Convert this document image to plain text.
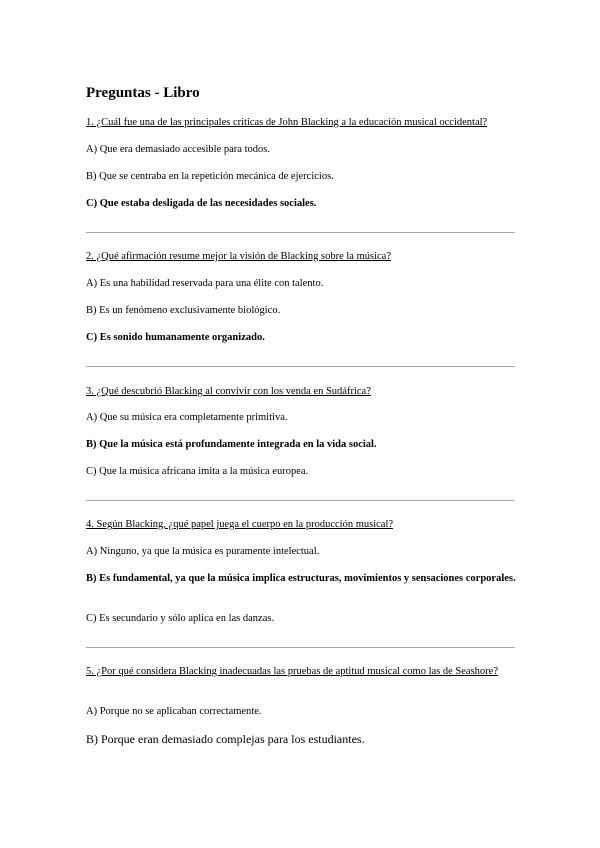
Preguntas - Libro

1. ¿Cuál fue una de las principales críticas de John Blacking a la educación musical occidental?

A) Que era demasiado accesible para todos.

B) Que se centraba en la repetición mecánica de ejercicios.

C) Que estaba desligada de las necesidades sociales.

2. ¿Qué afirmación resume mejor la visión de Blacking sobre la música?

A) Es una habilidad reservada para una élite con talento.

B) Es un fenómeno exclusivamente biológico.

C) Es sonido humanamente organizado.

3. ¿Qué descubrió Blacking al convivir con los venda en Sudáfrica?

A) Que su música era completamente primitiva.

B) Que la música está profundamente integrada en la vida social.

C) Que la música africana imita a la música europea.

4. Según Blacking, ¿qué papel juega el cuerpo en la producción musical?

A) Ninguno, ya que la música es puramente intelectual.

B) Es fundamental, ya que la música implica estructuras, movimientos y sensaciones corporales.

C) Es secundario y sólo aplica en las danzas.

5. ¿Por qué considera Blacking inadecuadas las pruebas de aptitud musical como las de Seashore?

A) Porque no se aplicaban correctamente.

B) Porque eran demasiado complejas para los estudiantes.
